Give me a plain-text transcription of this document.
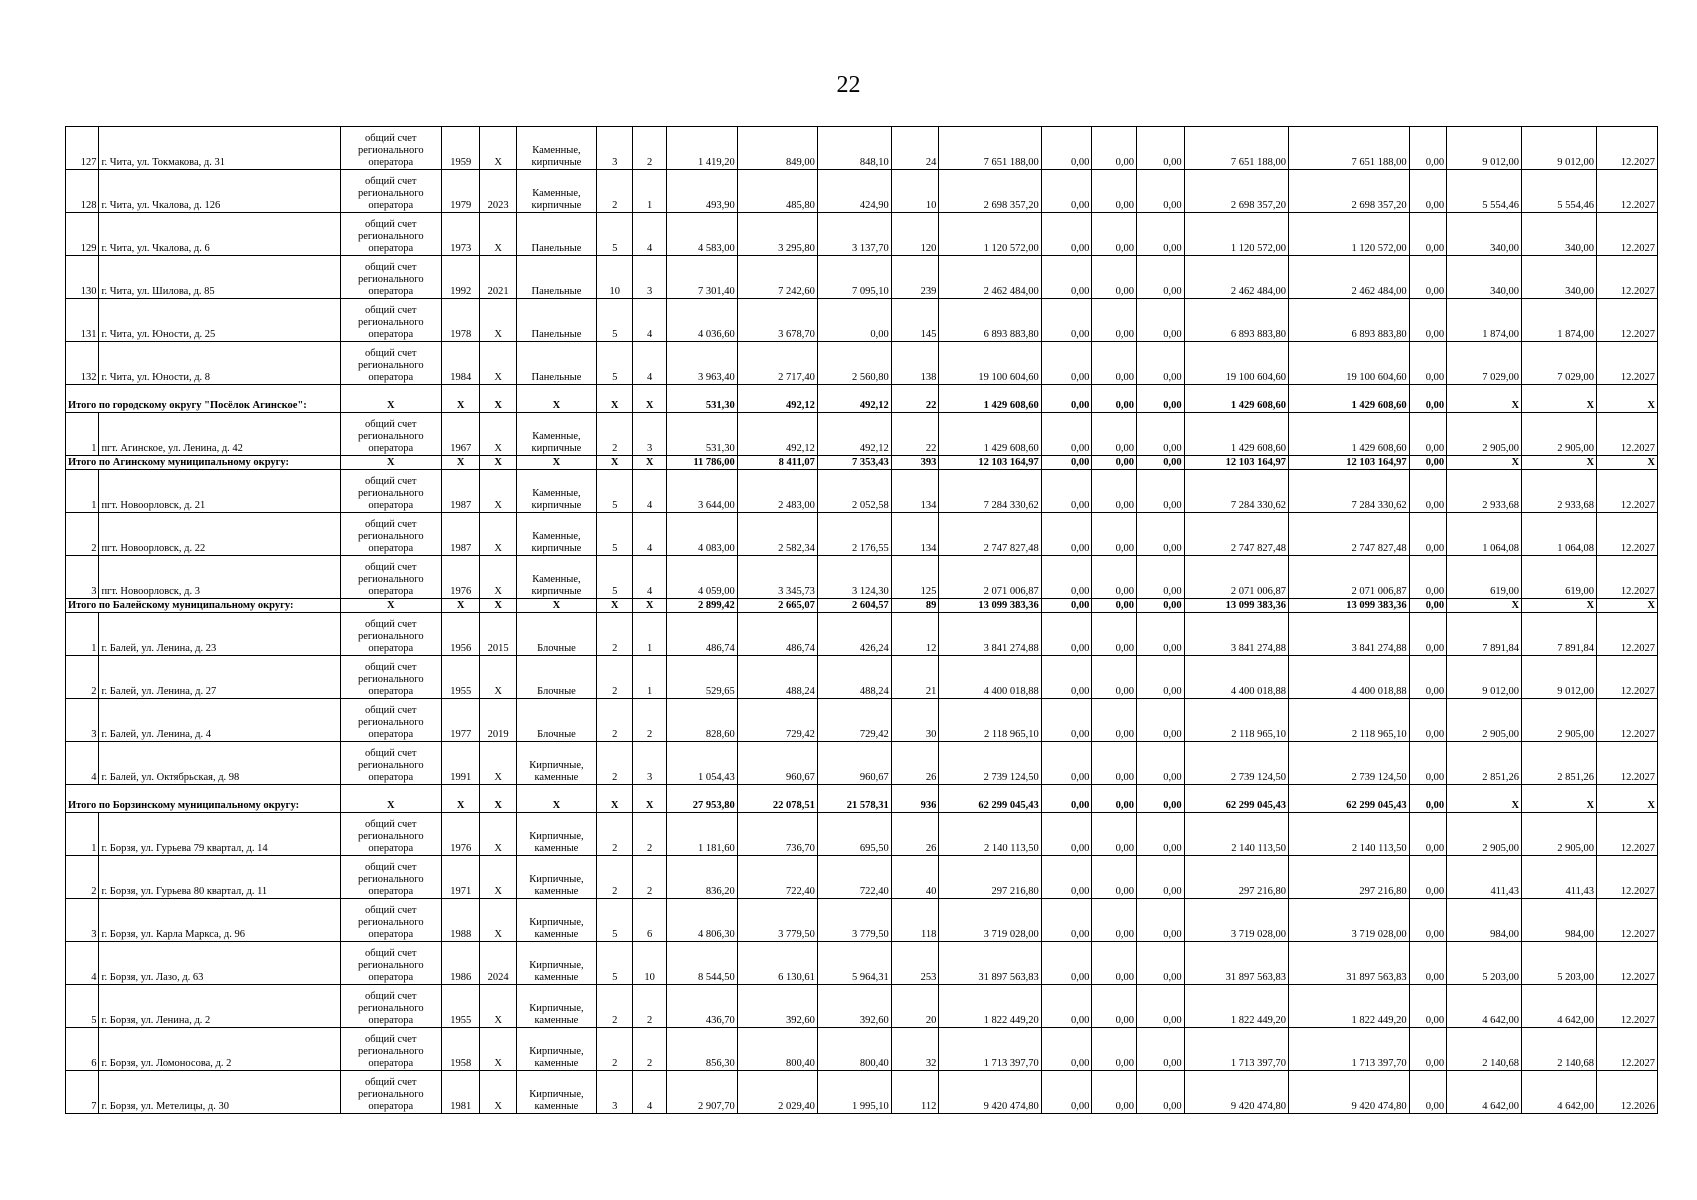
22
127	г. Чита, ул. Токмакова, д. 31	общий счет регионального оператора	1959	Х	Каменные, кирпичные	3	2	1 419,20	849,00	848,10	24	7 651 188,00	0,00	0,00	0,00	7 651 188,00	7 651 188,00	0,00	9 012,00	9 012,00	12.2027
128	г. Чита, ул. Чкалова, д. 126	общий счет регионального оператора	1979	2023	Каменные, кирпичные	2	1	493,90	485,80	424,90	10	2 698 357,20	0,00	0,00	0,00	2 698 357,20	2 698 357,20	0,00	5 554,46	5 554,46	12.2027
129	г. Чита, ул. Чкалова, д. 6	общий счет регионального оператора	1973	Х	Панельные	5	4	4 583,00	3 295,80	3 137,70	120	1 120 572,00	0,00	0,00	0,00	1 120 572,00	1 120 572,00	0,00	340,00	340,00	12.2027
130	г. Чита, ул. Шилова, д. 85	общий счет регионального оператора	1992	2021	Панельные	10	3	7 301,40	7 242,60	7 095,10	239	2 462 484,00	0,00	0,00	0,00	2 462 484,00	2 462 484,00	0,00	340,00	340,00	12.2027
131	г. Чита, ул. Юности, д. 25	общий счет регионального оператора	1978	Х	Панельные	5	4	4 036,60	3 678,70	0,00	145	6 893 883,80	0,00	0,00	0,00	6 893 883,80	6 893 883,80	0,00	1 874,00	1 874,00	12.2027
132	г. Чита, ул. Юности, д. 8	общий счет регионального оператора	1984	Х	Панельные	5	4	3 963,40	2 717,40	2 560,80	138	19 100 604,60	0,00	0,00	0,00	19 100 604,60	19 100 604,60	0,00	7 029,00	7 029,00	12.2027
Итого по городскому округу "Посёлок Агинское":		Х	Х	Х	Х	Х	Х	531,30	492,12	492,12	22	1 429 608,60	0,00	0,00	0,00	1 429 608,60	1 429 608,60	0,00	Х	Х	Х
1	пгт. Агинское, ул. Ленина, д. 42	общий счет регионального оператора	1967	Х	Каменные, кирпичные	2	3	531,30	492,12	492,12	22	1 429 608,60	0,00	0,00	0,00	1 429 608,60	1 429 608,60	0,00	2 905,00	2 905,00	12.2027
Итого по Агинскому муниципальному округу:		Х	Х	Х	Х	Х	Х	11 786,00	8 411,07	7 353,43	393	12 103 164,97	0,00	0,00	0,00	12 103 164,97	12 103 164,97	0,00	Х	Х	Х
1	пгт. Новоорловск, д. 21	общий счет регионального оператора	1987	Х	Каменные, кирпичные	5	4	3 644,00	2 483,00	2 052,58	134	7 284 330,62	0,00	0,00	0,00	7 284 330,62	7 284 330,62	0,00	2 933,68	2 933,68	12.2027
2	пгт. Новоорловск, д. 22	общий счет регионального оператора	1987	Х	Каменные, кирпичные	5	4	4 083,00	2 582,34	2 176,55	134	2 747 827,48	0,00	0,00	0,00	2 747 827,48	2 747 827,48	0,00	1 064,08	1 064,08	12.2027
3	пгт. Новоорловск, д. 3	общий счет регионального оператора	1976	Х	Каменные, кирпичные	5	4	4 059,00	3 345,73	3 124,30	125	2 071 006,87	0,00	0,00	0,00	2 071 006,87	2 071 006,87	0,00	619,00	619,00	12.2027
Итого по Балейскому муниципальному округу:		Х	Х	Х	Х	Х	Х	2 899,42	2 665,07	2 604,57	89	13 099 383,36	0,00	0,00	0,00	13 099 383,36	13 099 383,36	0,00	Х	Х	Х
1	г. Балей, ул. Ленина, д. 23	общий счет регионального оператора	1956	2015	Блочные	2	1	486,74	486,74	426,24	12	3 841 274,88	0,00	0,00	0,00	3 841 274,88	3 841 274,88	0,00	7 891,84	7 891,84	12.2027
2	г. Балей, ул. Ленина, д. 27	общий счет регионального оператора	1955	Х	Блочные	2	1	529,65	488,24	488,24	21	4 400 018,88	0,00	0,00	0,00	4 400 018,88	4 400 018,88	0,00	9 012,00	9 012,00	12.2027
3	г. Балей, ул. Ленина, д. 4	общий счет регионального оператора	1977	2019	Блочные	2	2	828,60	729,42	729,42	30	2 118 965,10	0,00	0,00	0,00	2 118 965,10	2 118 965,10	0,00	2 905,00	2 905,00	12.2027
4	г. Балей, ул. Октябрьская, д. 98	общий счет регионального оператора	1991	Х	Кирпичные, каменные	2	3	1 054,43	960,67	960,67	26	2 739 124,50	0,00	0,00	0,00	2 739 124,50	2 739 124,50	0,00	2 851,26	2 851,26	12.2027
Итого по Борзинскому муниципальному округу:		Х	Х	Х	Х	Х	Х	27 953,80	22 078,51	21 578,31	936	62 299 045,43	0,00	0,00	0,00	62 299 045,43	62 299 045,43	0,00	Х	Х	Х
1	г. Борзя, ул. Гурьева 79 квартал, д. 14	общий счет регионального оператора	1976	Х	Кирпичные, каменные	2	2	1 181,60	736,70	695,50	26	2 140 113,50	0,00	0,00	0,00	2 140 113,50	2 140 113,50	0,00	2 905,00	2 905,00	12.2027
2	г. Борзя, ул. Гурьева 80 квартал, д. 11	общий счет регионального оператора	1971	Х	Кирпичные, каменные	2	2	836,20	722,40	722,40	40	297 216,80	0,00	0,00	0,00	297 216,80	297 216,80	0,00	411,43	411,43	12.2027
3	г. Борзя, ул. Карла Маркса, д. 96	общий счет регионального оператора	1988	Х	Кирпичные, каменные	5	6	4 806,30	3 779,50	3 779,50	118	3 719 028,00	0,00	0,00	0,00	3 719 028,00	3 719 028,00	0,00	984,00	984,00	12.2027
4	г. Борзя, ул. Лазо, д. 63	общий счет регионального оператора	1986	2024	Кирпичные, каменные	5	10	8 544,50	6 130,61	5 964,31	253	31 897 563,83	0,00	0,00	0,00	31 897 563,83	31 897 563,83	0,00	5 203,00	5 203,00	12.2027
5	г. Борзя, ул. Ленина, д. 2	общий счет регионального оператора	1955	Х	Кирпичные, каменные	2	2	436,70	392,60	392,60	20	1 822 449,20	0,00	0,00	0,00	1 822 449,20	1 822 449,20	0,00	4 642,00	4 642,00	12.2027
6	г. Борзя, ул. Ломоносова, д. 2	общий счет регионального оператора	1958	Х	Кирпичные, каменные	2	2	856,30	800,40	800,40	32	1 713 397,70	0,00	0,00	0,00	1 713 397,70	1 713 397,70	0,00	2 140,68	2 140,68	12.2027
7	г. Борзя, ул. Метелицы, д. 30	общий счет регионального оператора	1981	Х	Кирпичные, каменные	3	4	2 907,70	2 029,40	1 995,10	112	9 420 474,80	0,00	0,00	0,00	9 420 474,80	9 420 474,80	0,00	4 642,00	4 642,00	12.2026
